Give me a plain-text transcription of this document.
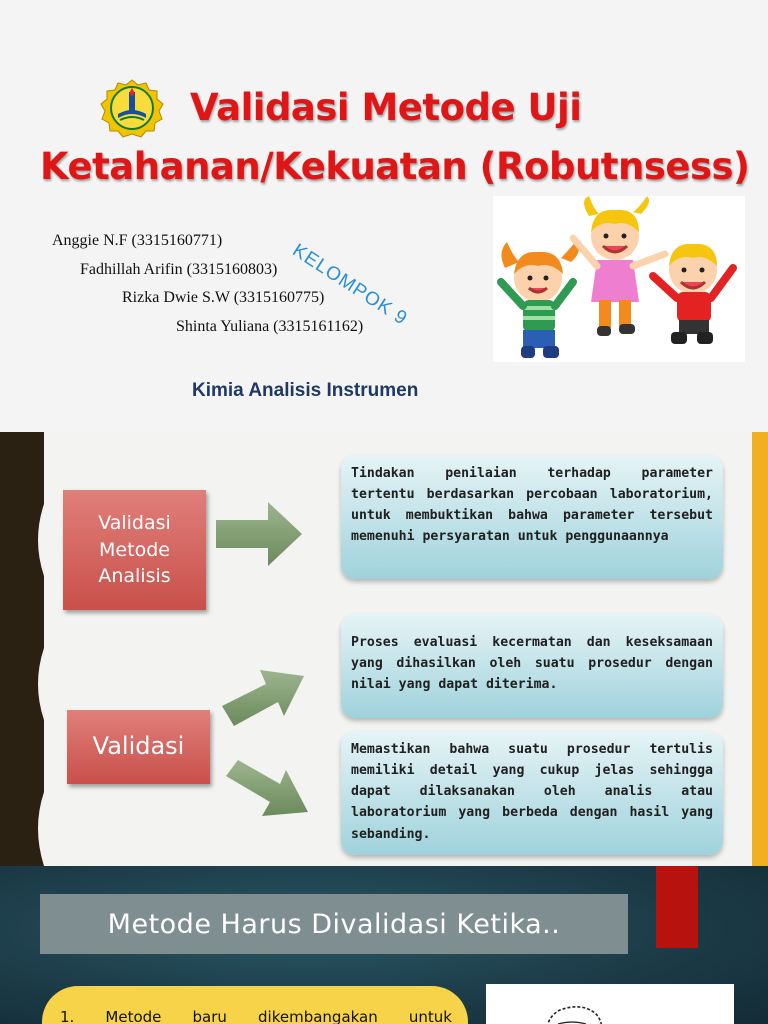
Validasi Metode Uji
Ketahanan/Kekuatan (Robutnsess)
Anggie N.F (3315160771)
Fadhillah Arifin (3315160803)
Rizka Dwie S.W (3315160775)
Shinta Yuliana (3315161162)
KELOMPOK 9
Kimia Analisis Instrumen
Validasi Metode Analisis
Validasi
Tindakan penilaian terhadap parameter tertentu berdasarkan percobaan laboratorium, untuk membuktikan bahwa parameter tersebut memenuhi persyaratan untuk penggunaannya
Proses evaluasi kecermatan dan keseksamaan yang dihasilkan oleh suatu prosedur dengan nilai yang dapat diterima.
Memastikan bahwa suatu prosedur tertulis memiliki detail yang cukup jelas sehingga dapat dilaksanakan oleh analis atau laboratorium yang berbeda dengan hasil yang sebanding.
Metode Harus Divalidasi Ketika..
1. Metode baru dikembangakan untuk
